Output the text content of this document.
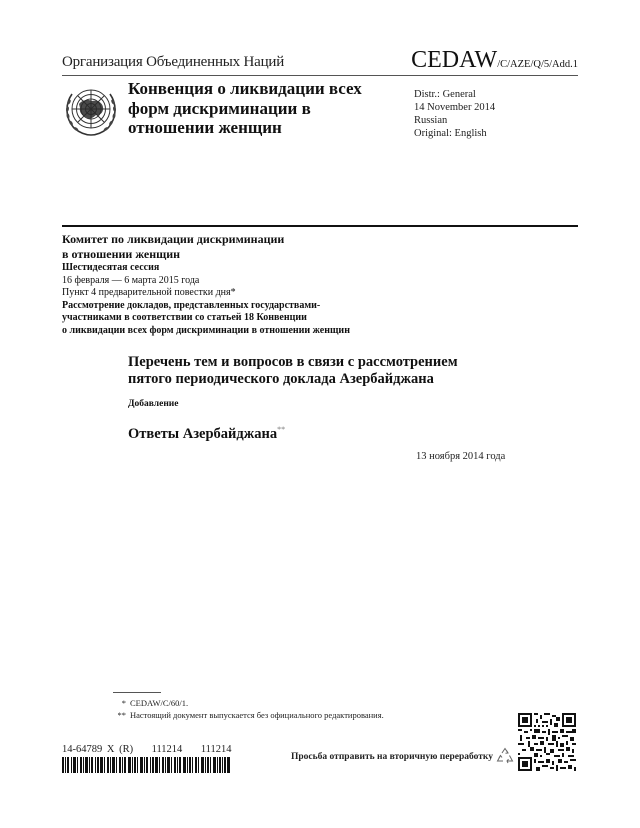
Организация Объединенных Наций	CEDAW/C/AZE/Q/5/Add.1
Конвенция о ликвидации всех форм дискриминации в отношении женщин
Distr.: General
14 November 2014
Russian
Original: English
Комитет по ликвидации дискриминации
в отношении женщин
Шестидесятая сессия
16 февраля — 6 марта 2015 года
Пункт 4 предварительной повестки дня*
Рассмотрение докладов, представленных государствами-
участниками в соответствии со статьей 18 Конвенции
о ликвидации всех форм дискриминации в отношении женщин
Перечень тем и вопросов в связи с рассмотрением
пятого периодического доклада Азербайджана
Добавление
Ответы Азербайджана**
13 ноября 2014 года
* CEDAW/C/60/1.
** Настоящий документ выпускается без официального редактирования.
14-64789 X (R) 111214 111214
Просьба отправить на вторичную переработку
